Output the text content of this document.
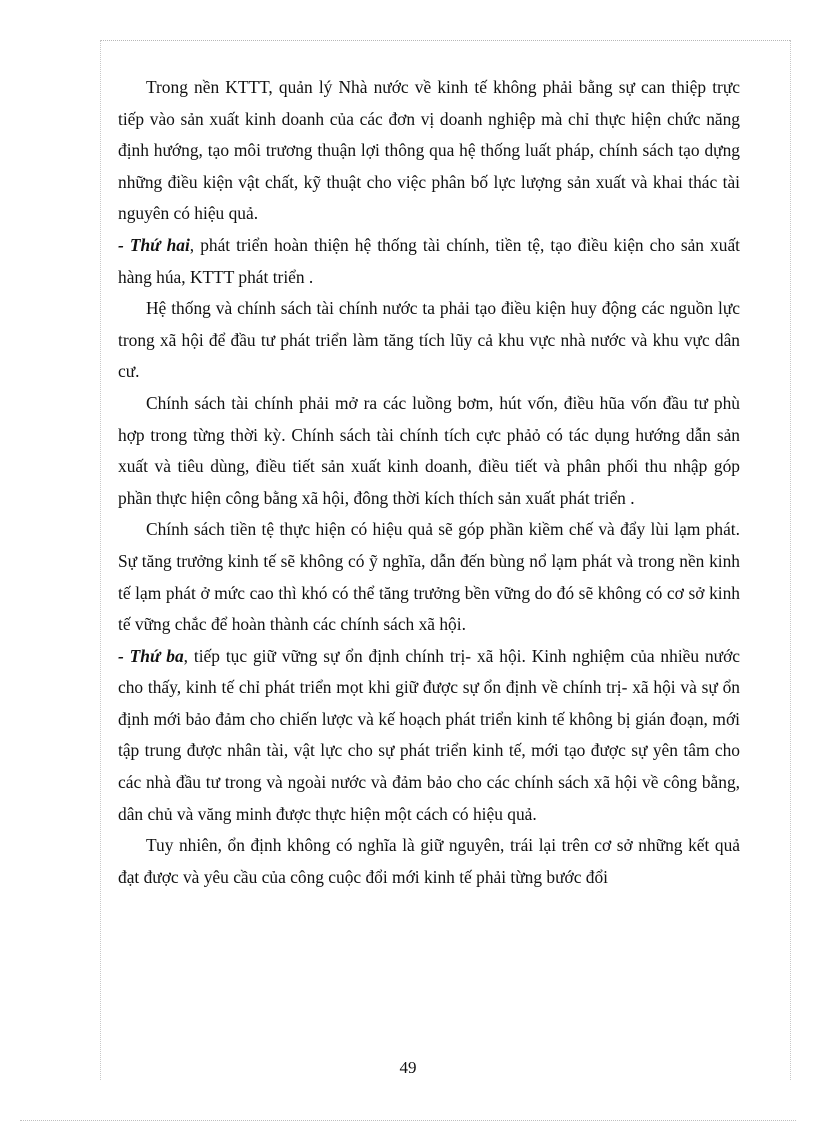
Trong nền KTTT, quản lý Nhà nước về kinh tế không phải bằng sự can thiệp trực tiếp vào sản xuất kinh doanh của các đơn vị doanh nghiệp mà chỉ thực hiện chức năng định hướng, tạo môi trương thuận lợi thông qua hệ thống luất pháp, chính sách tạo dựng những điều kiện vật chất, kỹ thuật cho việc phân bố lực lượng sản xuất và khai thác tài nguyên có hiệu quả.

- Thứ hai, phát triển hoàn thiện hệ thống tài chính, tiền tệ, tạo điều kiện cho sản xuất hàng húa, KTTT phát triển .

Hệ thống và chính sách tài chính nước ta phải tạo điều kiện huy động các nguồn lực trong xã hội để đầu tư phát triển làm tăng tích lũy cả khu vực nhà nước và khu vực dân cư.

Chính sách tài chính phải mở ra các luồng bơm, hút vốn, điều hũa vốn đầu tư phù hợp trong từng thời kỳ. Chính sách tài chính tích cực phảỏ có tác dụng hướng dẫn sản xuất và tiêu dùng, điều tiết sản xuất kinh doanh, điều tiết và phân phối thu nhập góp phần thực hiện công bằng xã hội, đông thời kích thích sản xuất phát triển .

Chính sách tiền tệ thực hiện có hiệu quả sẽ góp phần kiềm chế và đẩy lùi lạm phát. Sự tăng trưởng kinh tế sẽ không có ỹ nghĩa, dẫn đến bùng nổ lạm phát và trong nền kinh tế lạm phát ở mức cao thì khó có thể tăng trưởng bền vững do đó sẽ không có cơ sở kinh tế vững chắc để hoàn thành các chính sách xã hội.

- Thứ ba, tiếp tục giữ vững sự ổn định chính trị- xã hội. Kinh nghiệm của nhiều nước cho thấy, kinh tế chỉ phát triển mọt khi giữ được sự ổn định về chính trị- xã hội và sự ổn định mới bảo đảm cho chiến lược và kế hoạch phát triển kinh tế không bị gián đoạn, mới tập trung được nhân tài, vật lực cho sự phát triển kinh tế, mới tạo được sự yên tâm cho các nhà đầu tư trong và ngoài nước và đảm bảo cho các chính sách xã hội về công bằng, dân chủ và văng minh được thực hiện một cách có hiệu quả.

Tuy nhiên, ổn định không có nghĩa là giữ nguyên, trái lại trên cơ sở những kết quả đạt được và yêu cầu của công cuộc đổi mới kinh tế phải từng bước đổi

49
